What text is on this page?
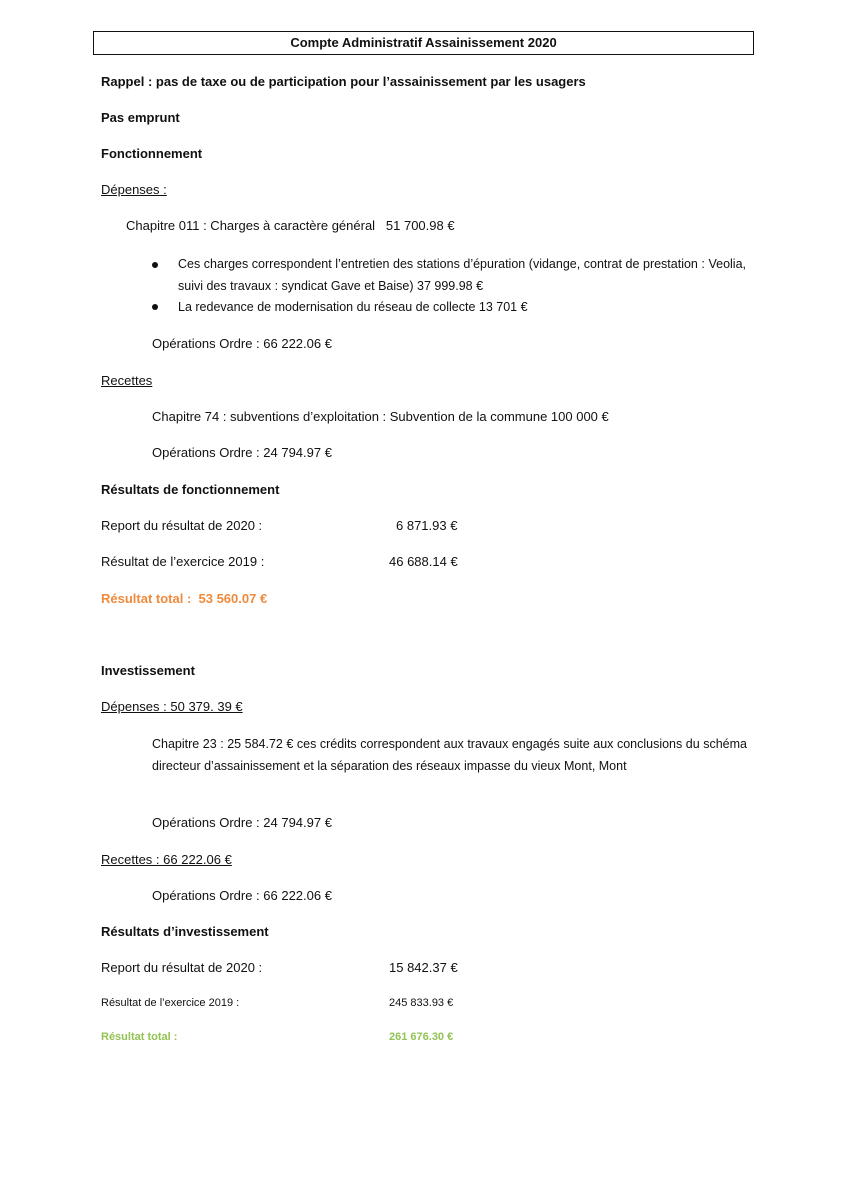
Compte Administratif Assainissement 2020
Rappel : pas de taxe ou de participation pour l’assainissement par les usagers
Pas emprunt
Fonctionnement
Dépenses :
Chapitre 011 : Charges à caractère général   51 700.98 €
Ces charges correspondent l’entretien des stations d’épuration (vidange, contrat de prestation : Veolia, suivi des travaux : syndicat Gave et Baise) 37 999.98 €
La redevance de modernisation du réseau de collecte 13 701 €
Opérations Ordre : 66 222.06 €
Recettes
Chapitre 74 : subventions d’exploitation : Subvention de la commune 100 000 €
Opérations Ordre : 24 794.97 €
Résultats de fonctionnement
Report du résultat de 2020 :	6 871.93 €
Résultat de l’exercice 2019 :	46 688.14 €
Résultat total :  53 560.07 €
Investissement
Dépenses : 50 379. 39 €
Chapitre 23 : 25 584.72 € ces crédits correspondent aux travaux engagés suite aux conclusions du schéma directeur d’assainissement et la séparation des réseaux impasse du vieux Mont, Mont
Opérations Ordre : 24 794.97 €
Recettes : 66 222.06 €
Opérations Ordre : 66 222.06 €
Résultats d’investissement
Report du résultat de 2020 :	15 842.37 €
Résultat de l’exercice 2019 :	245 833.93 €
Résultat total :	261 676.30 €
